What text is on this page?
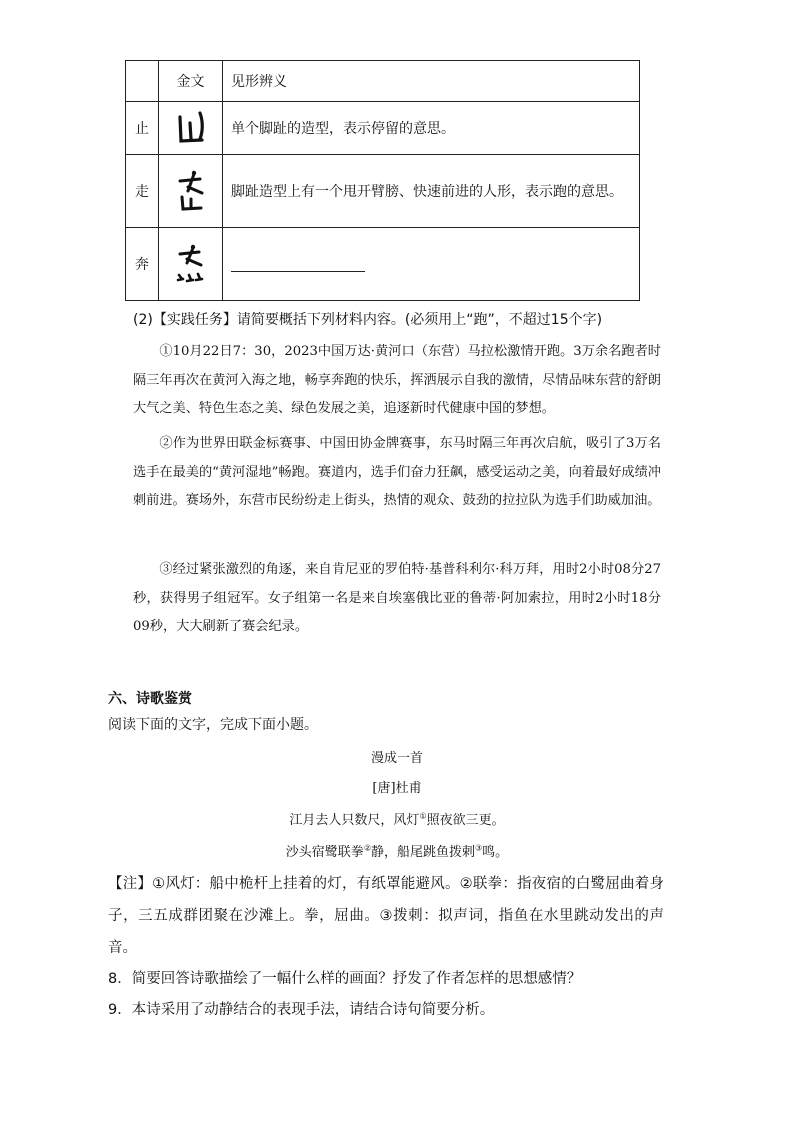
	金文	见形辨义
止		单个脚趾的造型，表示停留的意思。
走		脚趾造型上有一个甩开臂膀、快速前进的人形，表示跑的意思。
奔	

(2)【实践任务】请简要概括下列材料内容。(必须用上“跑”，不超过15个字)

①10月22日7：30，2023中国万达·黄河口（东营）马拉松激情开跑。3万余名跑者时隔三年再次在黄河入海之地，畅享奔跑的快乐，挥洒展示自我的激情，尽情品味东营的舒朗大气之美、特色生态之美、绿色发展之美，追逐新时代健康中国的梦想。

②作为世界田联金标赛事、中国田协金牌赛事，东马时隔三年再次启航，吸引了3万名选手在最美的“黄河湿地”畅跑。赛道内，选手们奋力狂飙，感受运动之美，向着最好成绩冲刺前进。赛场外，东营市民纷纷走上街头，热情的观众、鼓劲的拉拉队为选手们助威加油。

③经过紧张激烈的角逐，来自肯尼亚的罗伯特·基普科利尔·科万拜，用时2小时08分27秒，获得男子组冠军。女子组第一名是来自埃塞俄比亚的鲁蒂·阿加索拉，用时2小时18分09秒，大大刷新了赛会纪录。

六、诗歌鉴赏
阅读下面的文字，完成下面小题。
漫成一首
[唐]杜甫
江月去人只数尺，风灯①照夜欲三更。
沙头宿鹭联拳②静，船尾跳鱼拨剌③鸣。

【注】①风灯：船中桅杆上挂着的灯，有纸罩能避风。②联拳：指夜宿的白鹭屈曲着身子，三五成群团聚在沙滩上。拳，屈曲。③拨刺：拟声词，指鱼在水里跳动发出的声音。

8．简要回答诗歌描绘了一幅什么样的画面？抒发了作者怎样的思想感情？
9．本诗采用了动静结合的表现手法，请结合诗句简要分析。
